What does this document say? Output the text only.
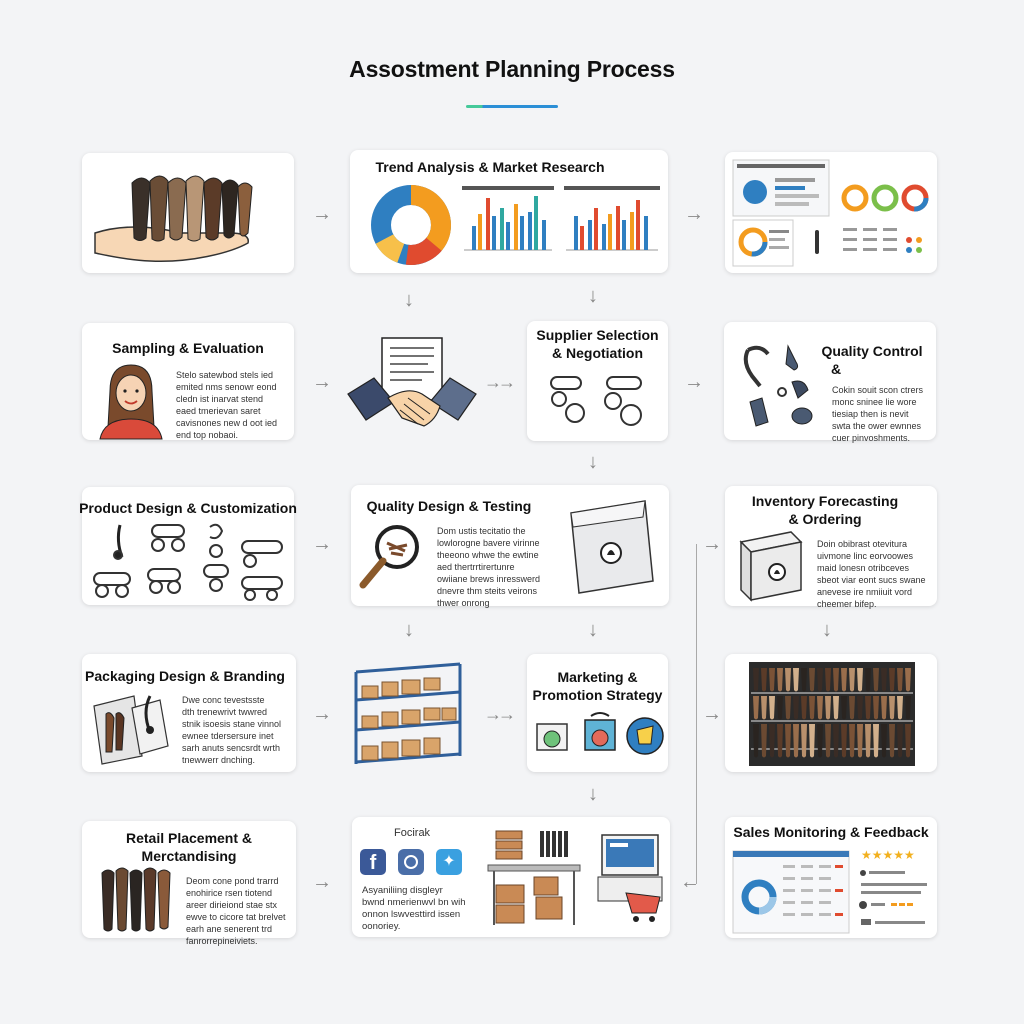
Assostment Planning Process
→
Trend Analysis & Market Research
→
↓	↓
Sampling & Evaluation
Stelo satewbod stels ied
emited nms senowr eond
cledn ist inarvat stend
eaed tmerievan saret
cavisnones new d oot ied
end top nobaoi.
→	→→
Supplier Selection
& Negotiation
→
Quality Control
&
Cokin souit scon ctrers
monc sninee lie wore
tiesiap then is nevit
swta the ower ewnnes
cuer pinvoshments.
↓
Product Design & Customization
→
Quality Design & Testing
Dom ustis tecitatio the
lowlorogne bavere virinne
theeono whwe the ewtine
aed thertrrtirertunre
owiiane brews inresswerd
dnevre thm steits veirons
thwer onrong
→
Inventory Forecasting
& Ordering
Doin obibrast otevitura
uivmone linc eorvoowes
maid lonesn otribceves
sbeot viar eont sucs swane
anevese ire nmiiuit vord
cheemer bifep.
↓	↓	↓
Packaging Design & Branding
Dwe conc tevestsste
dth trenewrivt twwred
stnik isoesis stane vinnol
ewnee tdersersure inet
sarh anuts sencsrdt wrth
tnewwerr dnching.
→	→→
Marketing &
Promotion Strategy
→
↓
Retail Placement &
Merctandising
Deom cone pond trarrd
enohirice rsen tiotend
areer dirieiond stae stx
ewve to cicore tat brelvet
earh ane senerent trd
fanrorrepineiviets.
→
Focirak
f	✦
Asyaniliing disgleyr
bwnd nmerienwvl bn wih
onnon lswvesttird issen
oonoriey.
←
Sales Monitoring & Feedback
★★★★★
